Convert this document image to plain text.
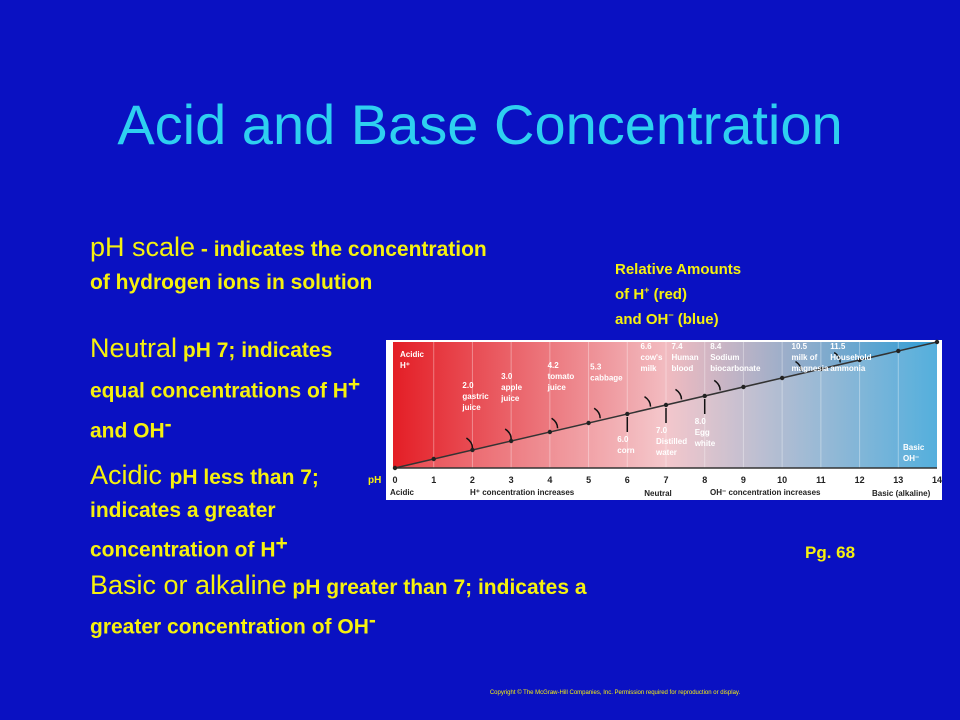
Acid and Base Concentration
pH scale - indicates the concentration of hydrogen ions in solution
Neutral pH 7; indicates equal concentrations of H+ and OH-
Acidic pH less than 7; indicates a greater concentration of H+
Basic or alkaline pH greater than 7; indicates a greater concentration of OH-
Relative Amounts
of H+ (red)
and OH− (blue)
pH 0	1	2	3	4	5	6	7	8	9	10	11	12	13	14
Acidic
H⁺
Basic
OH⁻
Acidic	H⁺ concentration increases	Neutral	OH⁻ concentration increases	Basic (alkaline)
2.0
gastric
juice
3.0
apple
juice
4.2
tomato
juice
5.3
cabbage
6.0
corn
6.6
cow's
milk
7.0
Distilled
water
7.4
Human
blood
8.0
Egg
white
8.4
Sodium
biocarbonate
10.5
milk of
magnesia
11.5
Household
ammonia
Pg. 68
Copyright © The McGraw-Hill Companies, Inc. Permission required for reproduction or display.
